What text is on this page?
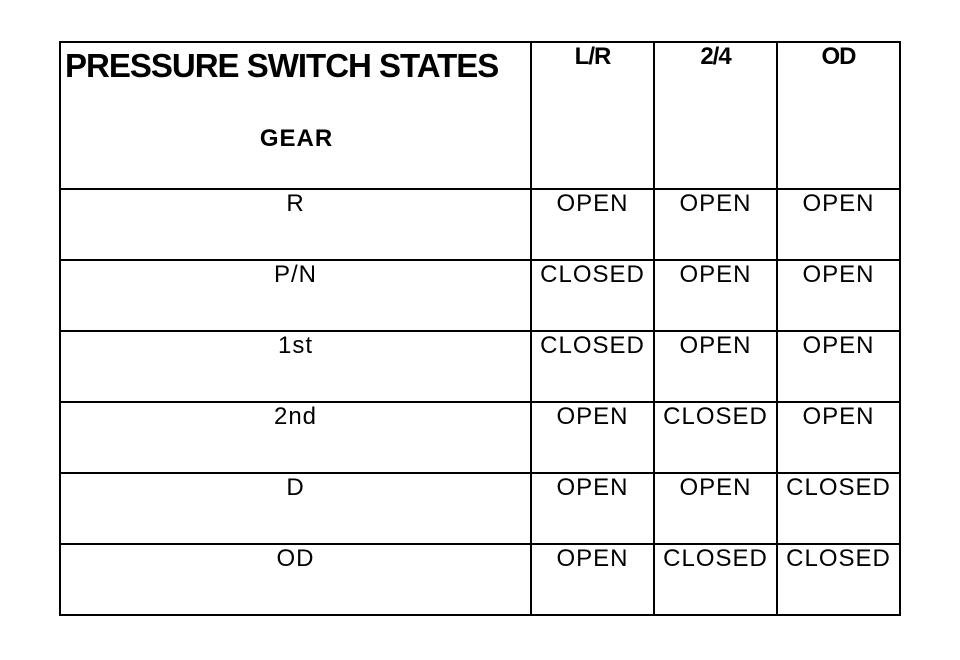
PRESSURE SWITCH STATES
GEAR	L/R	2/4	OD
R	OPEN	OPEN	OPEN
P/N	CLOSED	OPEN	OPEN
1st	CLOSED	OPEN	OPEN
2nd	OPEN	CLOSED	OPEN
D	OPEN	OPEN	CLOSED
OD	OPEN	CLOSED	CLOSED
